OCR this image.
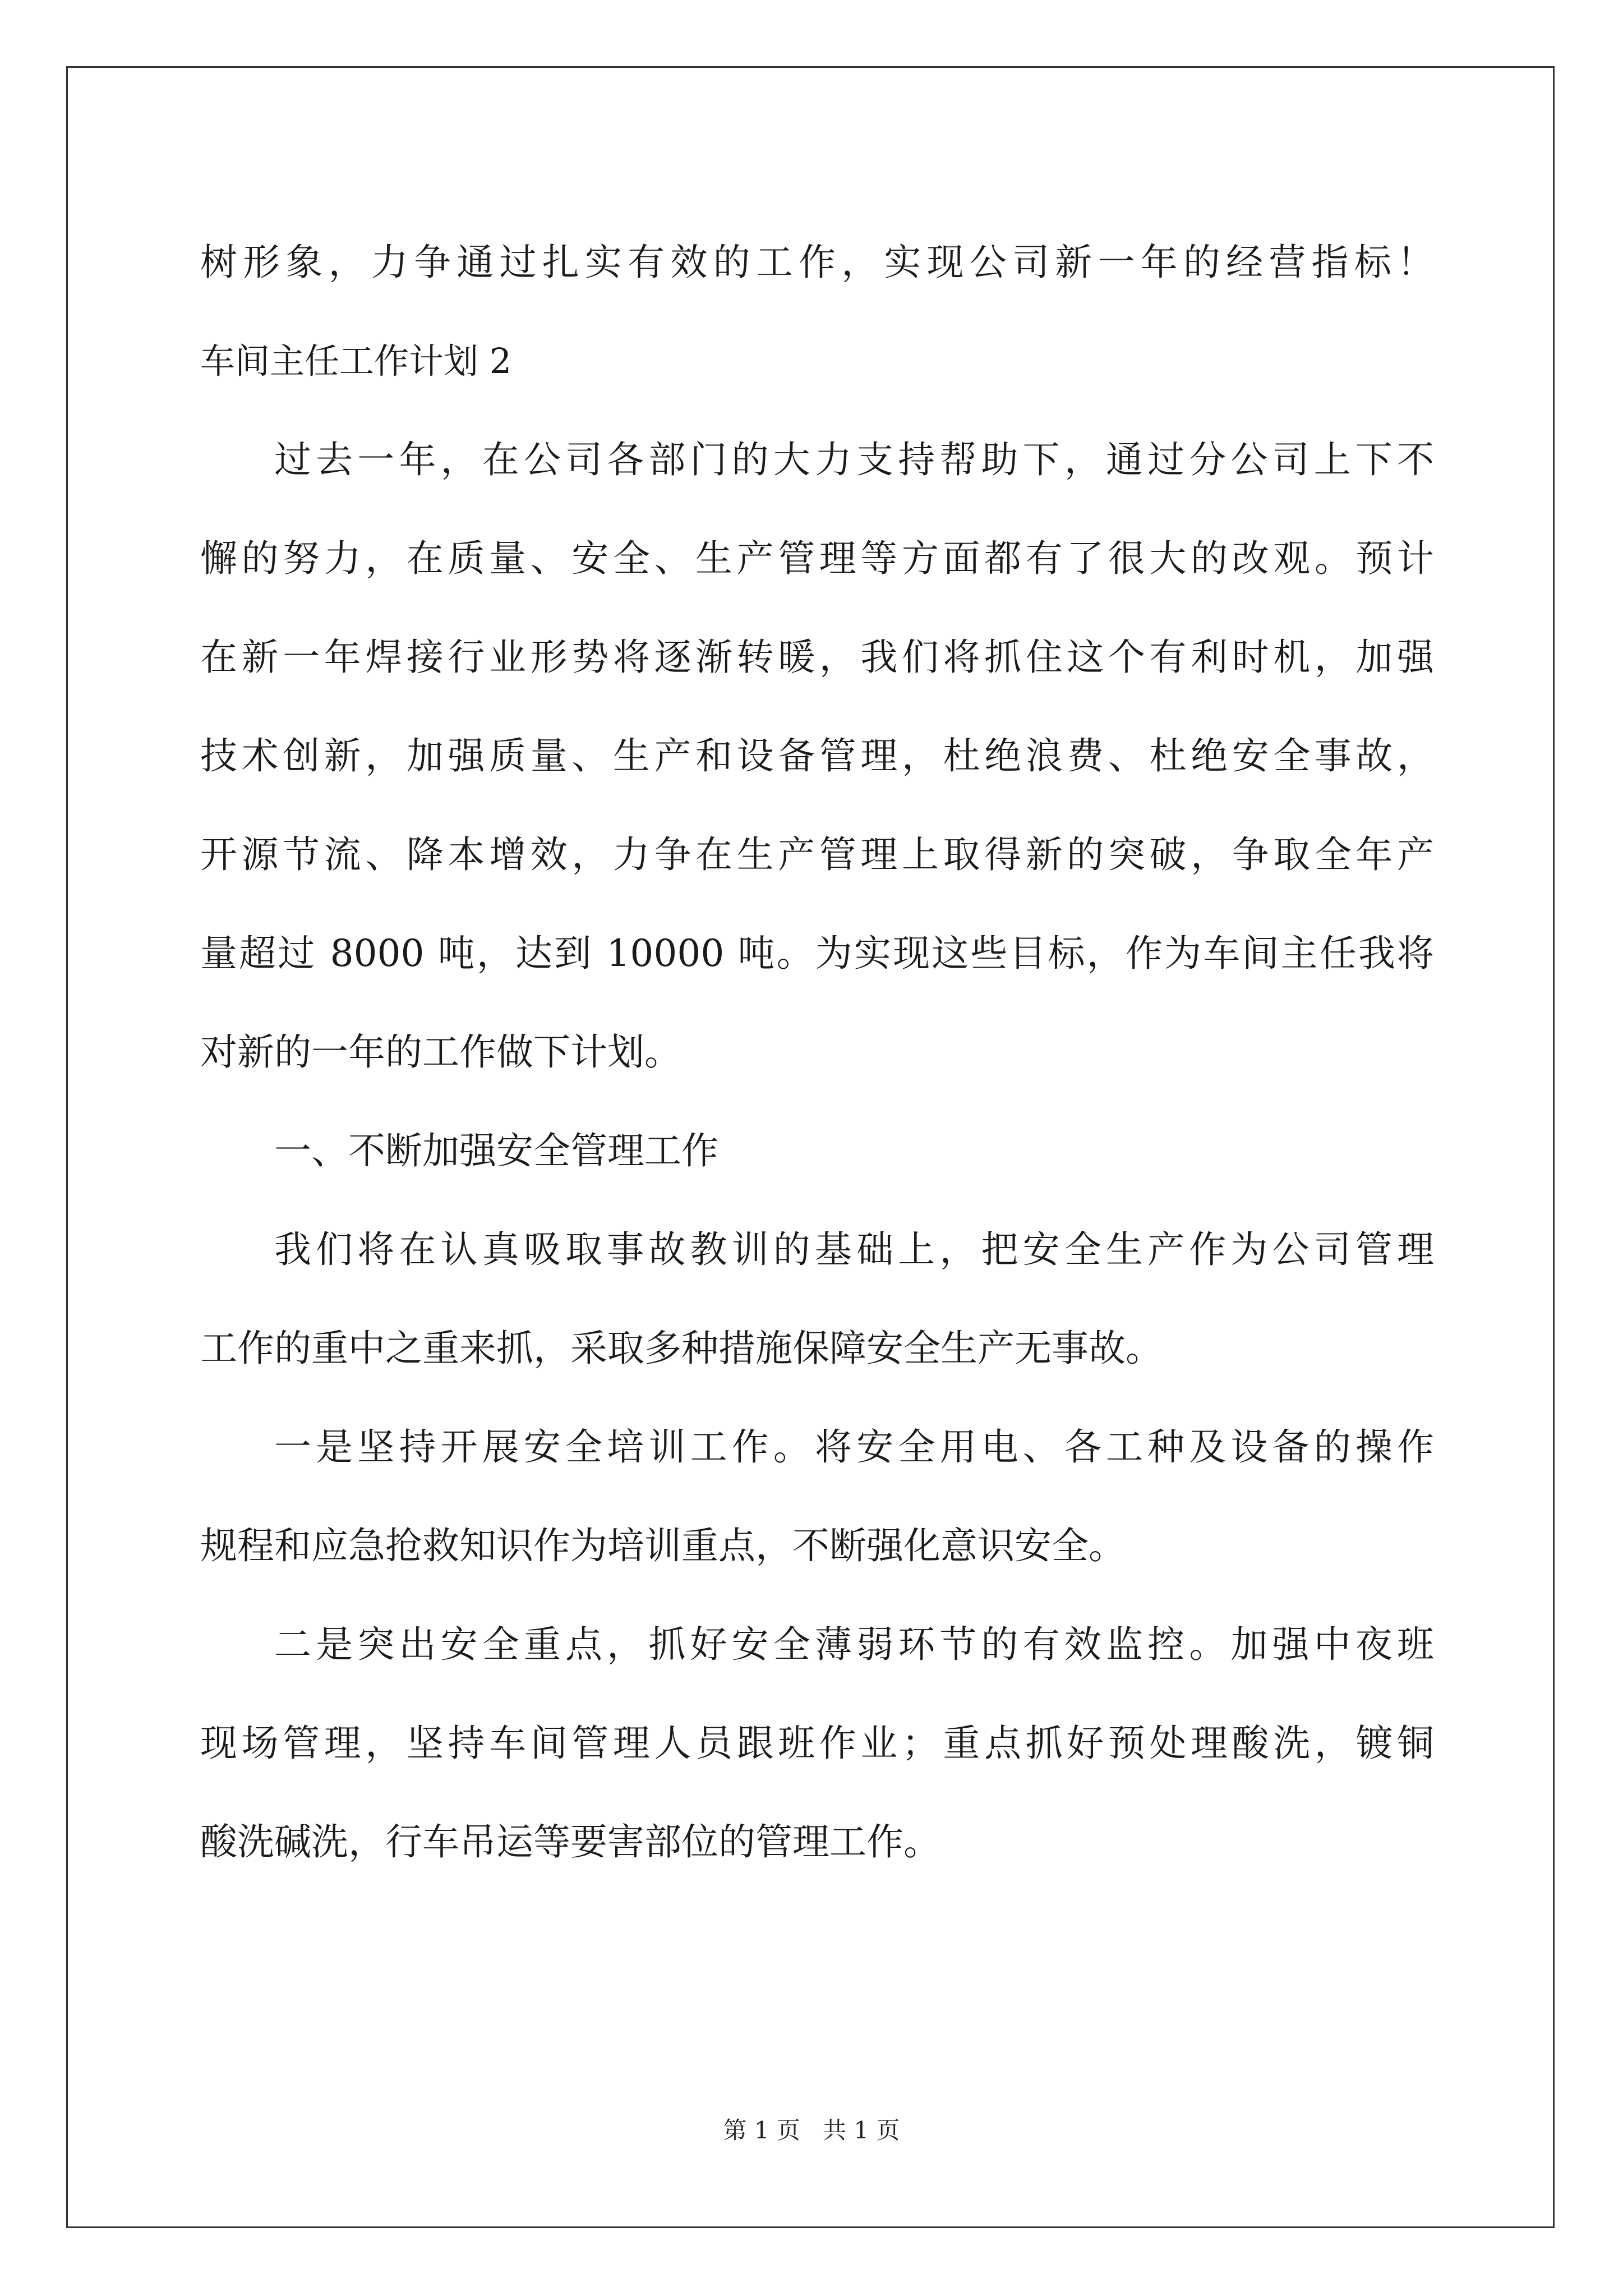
树形象，力争通过扎实有效的工作，实现公司新一年的经营指标！
车间主任工作计划 2
过去一年，在公司各部门的大力支持帮助下，通过分公司上下不
懈的努力，在质量、安全、生产管理等方面都有了很大的改观。预计
在新一年焊接行业形势将逐渐转暖，我们将抓住这个有利时机，加强
技术创新，加强质量、生产和设备管理，杜绝浪费、杜绝安全事故，
开源节流、降本增效，力争在生产管理上取得新的突破，争取全年产
量超过 8000 吨，达到 10000 吨。为实现这些目标，作为车间主任我将
对新的一年的工作做下计划。
一、不断加强安全管理工作
我们将在认真吸取事故教训的基础上，把安全生产作为公司管理
工作的重中之重来抓，采取多种措施保障安全生产无事故。
一是坚持开展安全培训工作。将安全用电、各工种及设备的操作
规程和应急抢救知识作为培训重点，不断强化意识安全。
二是突出安全重点，抓好安全薄弱环节的有效监控。加强中夜班
现场管理，坚持车间管理人员跟班作业；重点抓好预处理酸洗，镀铜
酸洗碱洗，行车吊运等要害部位的管理工作。
第 1 页   共 1 页
